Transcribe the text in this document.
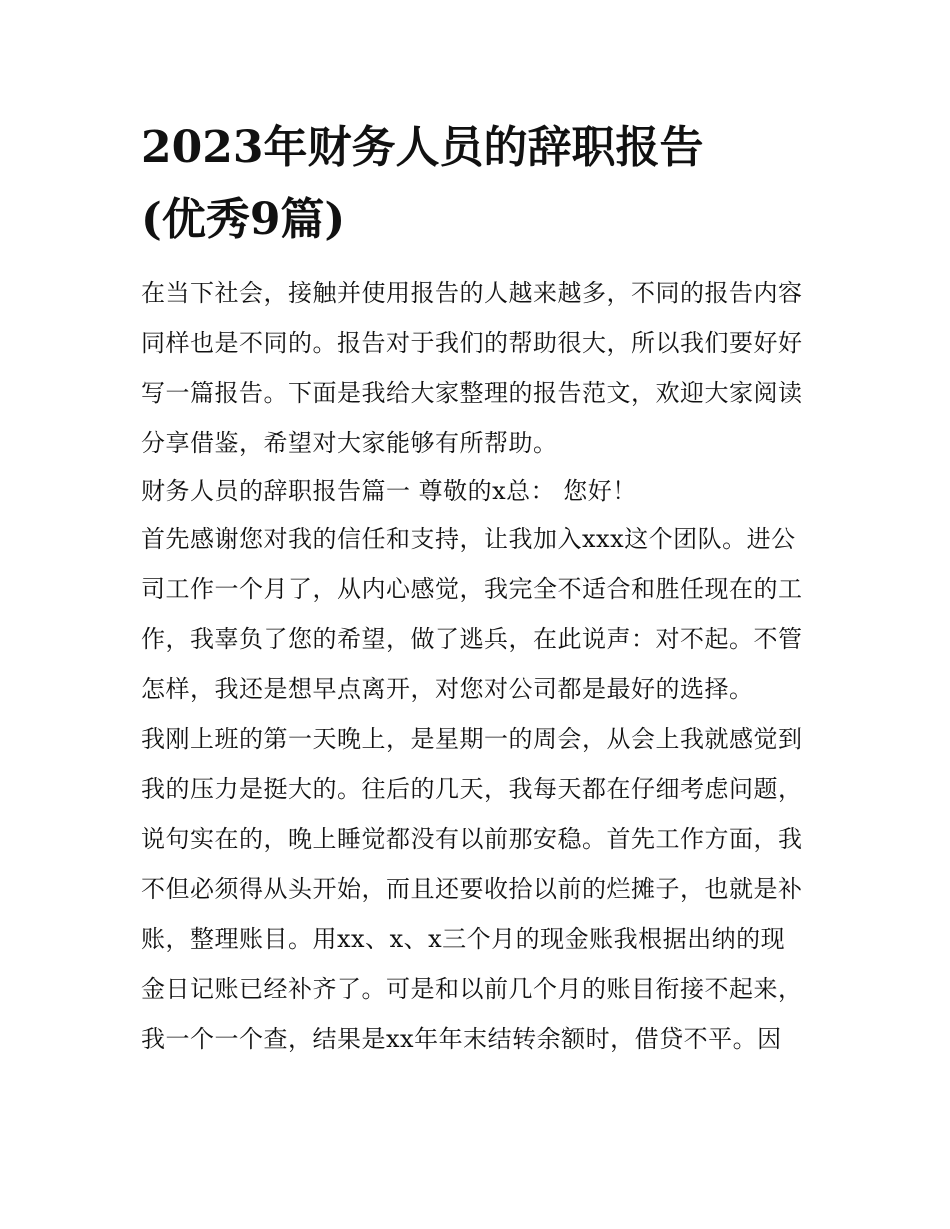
2023年财务人员的辞职报告
(优秀9篇)
在当下社会，接触并使用报告的人越来越多，不同的报告内容
同样也是不同的。报告对于我们的帮助很大，所以我们要好好
写一篇报告。下面是我给大家整理的报告范文，欢迎大家阅读
分享借鉴，希望对大家能够有所帮助。
财务人员的辞职报告篇一 尊敬的x总： 您好！
首先感谢您对我的信任和支持，让我加入xxx这个团队。进公
司工作一个月了，从内心感觉，我完全不适合和胜任现在的工
作，我辜负了您的希望，做了逃兵，在此说声：对不起。不管
怎样，我还是想早点离开，对您对公司都是最好的选择。
我刚上班的第一天晚上，是星期一的周会，从会上我就感觉到
我的压力是挺大的。往后的几天，我每天都在仔细考虑问题，
说句实在的，晚上睡觉都没有以前那安稳。首先工作方面，我
不但必须得从头开始，而且还要收拾以前的烂摊子，也就是补
账，整理账目。用xx、x、x三个月的现金账我根据出纳的现
金日记账已经补齐了。可是和以前几个月的账目衔接不起来，
我一个一个查，结果是xx年年末结转余额时，借贷不平。因
